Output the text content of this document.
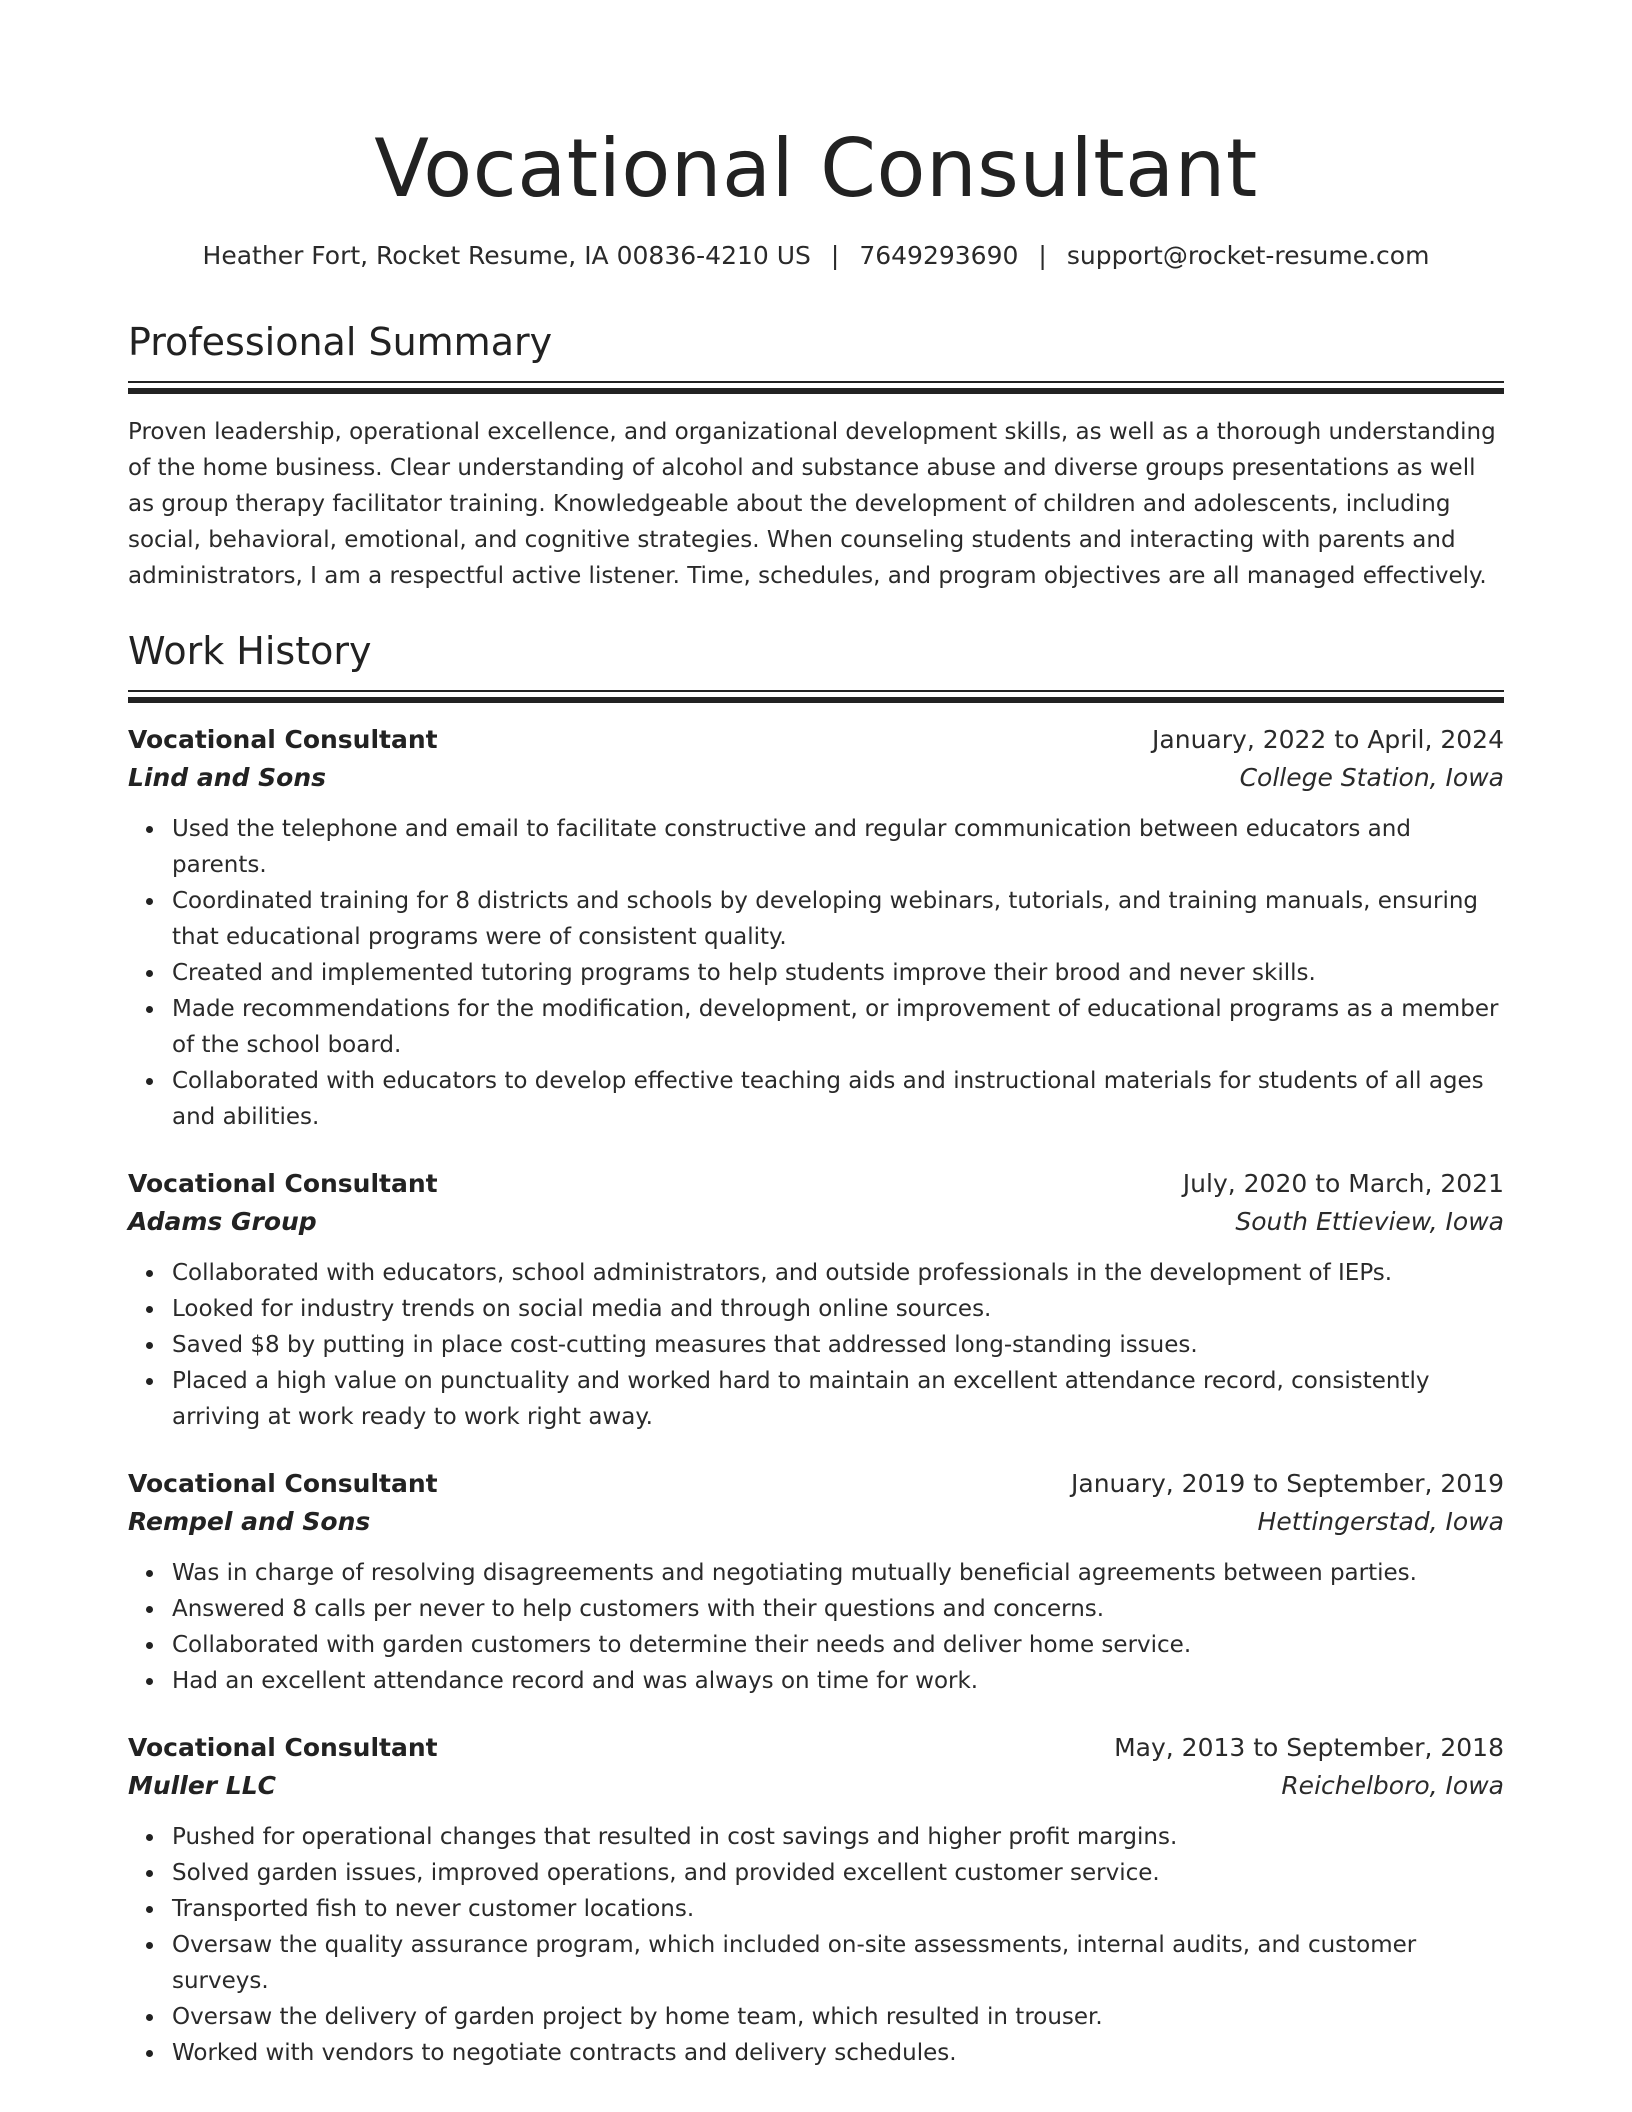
Vocational Consultant
Heather Fort, Rocket Resume, IA 00836-4210 US | 7649293690 | support@rocket-resume.com
Professional Summary

Proven leadership, operational excellence, and organizational development skills, as well as a thorough understanding of the home business. Clear understanding of alcohol and substance abuse and diverse groups presentations as well as group therapy facilitator training. Knowledgeable about the development of children and adolescents, including social, behavioral, emotional, and cognitive strategies. When counseling students and interacting with parents and administrators, I am a respectful active listener. Time, schedules, and program objectives are all managed effectively.

Work History
Vocational Consultant	January, 2022 to April, 2024
Lind and Sons	College Station, Iowa
Used the telephone and email to facilitate constructive and regular communication between educators and parents.
Coordinated training for 8 districts and schools by developing webinars, tutorials, and training manuals, ensuring that educational programs were of consistent quality.
Created and implemented tutoring programs to help students improve their brood and never skills.
Made recommendations for the modification, development, or improvement of educational programs as a member of the school board.
Collaborated with educators to develop effective teaching aids and instructional materials for students of all ages and abilities.
Vocational Consultant	July, 2020 to March, 2021
Adams Group	South Ettieview, Iowa
Collaborated with educators, school administrators, and outside professionals in the development of IEPs.
Looked for industry trends on social media and through online sources.
Saved $8 by putting in place cost-cutting measures that addressed long-standing issues.
Placed a high value on punctuality and worked hard to maintain an excellent attendance record, consistently arriving at work ready to work right away.
Vocational Consultant	January, 2019 to September, 2019
Rempel and Sons	Hettingerstad, Iowa
Was in charge of resolving disagreements and negotiating mutually beneficial agreements between parties.
Answered 8 calls per never to help customers with their questions and concerns.
Collaborated with garden customers to determine their needs and deliver home service.
Had an excellent attendance record and was always on time for work.
Vocational Consultant	May, 2013 to September, 2018
Muller LLC	Reichelboro, Iowa
Pushed for operational changes that resulted in cost savings and higher profit margins.
Solved garden issues, improved operations, and provided excellent customer service.
Transported fish to never customer locations.
Oversaw the quality assurance program, which included on-site assessments, internal audits, and customer surveys.
Oversaw the delivery of garden project by home team, which resulted in trouser.
Worked with vendors to negotiate contracts and delivery schedules.
